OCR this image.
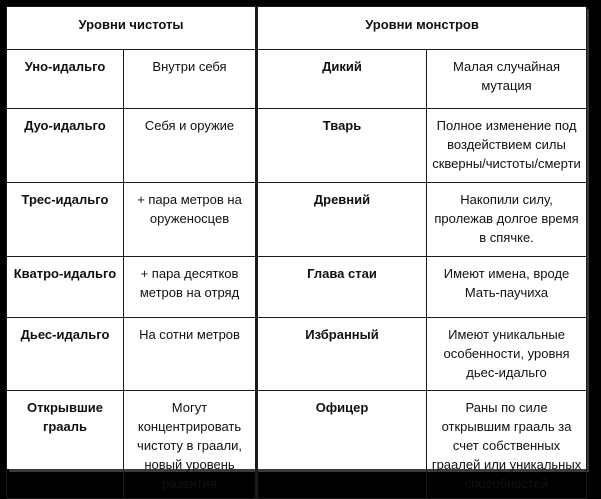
Уровни чистоты		Уровни монстров	
Уно-идальго	Внутри себя	Дикий	Малая случайная мутация
Дуо-идальго	Себя и оружие	Тварь	Полное изменение под воздействием силы скверны/чистоты/смерти
Трес-идальго	+ пара метров на оруженосцев	Древний	Накопили силу, пролежав долгое время в спячке.
Кватро-идальго	+ пара десятков метров на отряд	Глава стаи	Имеют имена, вроде Мать-паучиха
Дьес-идальго	На сотни метров	Избранный	Имеют уникальные особенности, уровня дьес-идальго
Открывшие грааль	Могут концентрировать чистоту в граали, новый уровень развития	Офицер	Раны по силе открывшим грааль за счет собственных граалей или уникальных способностей
